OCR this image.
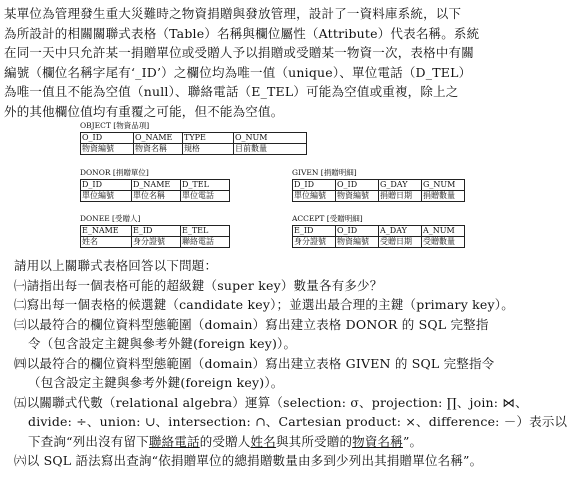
某單位為管理發生重大災難時之物資捐贈與發放管理，設計了一資料庫系統，以下
為所設計的相關關聯式表格（Table）名稱與欄位屬性（Attribute）代表名稱。系統
在同一天中只允許某一捐贈單位或受贈人予以捐贈或受贈某一物資一次，表格中有關
編號（欄位名稱字尾有‘_ID’）之欄位均為唯一值（unique）、單位電話（D_TEL）
為唯一值且不能為空值（null）、聯絡電話（E_TEL）可能為空值或重複，除上之
外的其他欄位值均有重覆之可能，但不能為空值。
OBJECT [物資品項]
O_ID	O_NAME	TYPE	O_NUM
物資編號	物資名稱	規格	目前數量
DONOR [捐贈單位]
D_ID	D_NAME	D_TEL
單位編號	單位名稱	單位電話
GIVEN [捐贈明細]
D_ID	O_ID	G_DAY	G_NUM
單位編號	物資編號	捐贈日期	捐贈數量
DONEE [受贈人]
E_NAME	E_ID	E_TEL
姓名	身分證號	聯絡電話
ACCEPT [受贈明細]
E_ID	O_ID	A_DAY	A_NUM
身分證號	物資編號	受贈日期	受贈數量
請用以上關聯式表格回答以下問題：
㈠請指出每一個表格可能的超級鍵（super key）數量各有多少？
㈡寫出每一個表格的候選鍵（candidate key）；並選出最合理的主鍵（primary key）。
㈢以最符合的欄位資料型態範圍（domain）寫出建立表格 DONOR 的 SQL 完整指
令（包含設定主鍵與參考外鍵(foreign key)）。
㈣以最符合的欄位資料型態範圍（domain）寫出建立表格 GIVEN 的 SQL 完整指令
（包含設定主鍵與參考外鍵(foreign key)）。
㈤以關聯式代數（relational algebra）運算（selection: σ、projection: ∏、join: ⋈、
divide: ÷、union: ∪、intersection: ∩、Cartesian product: ×、difference: －）表示以
下查詢“列出沒有留下聯絡電話的受贈人姓名與其所受贈的物資名稱”。
㈥以 SQL 語法寫出查詢“依捐贈單位的總捐贈數量由多到少列出其捐贈單位名稱”。
